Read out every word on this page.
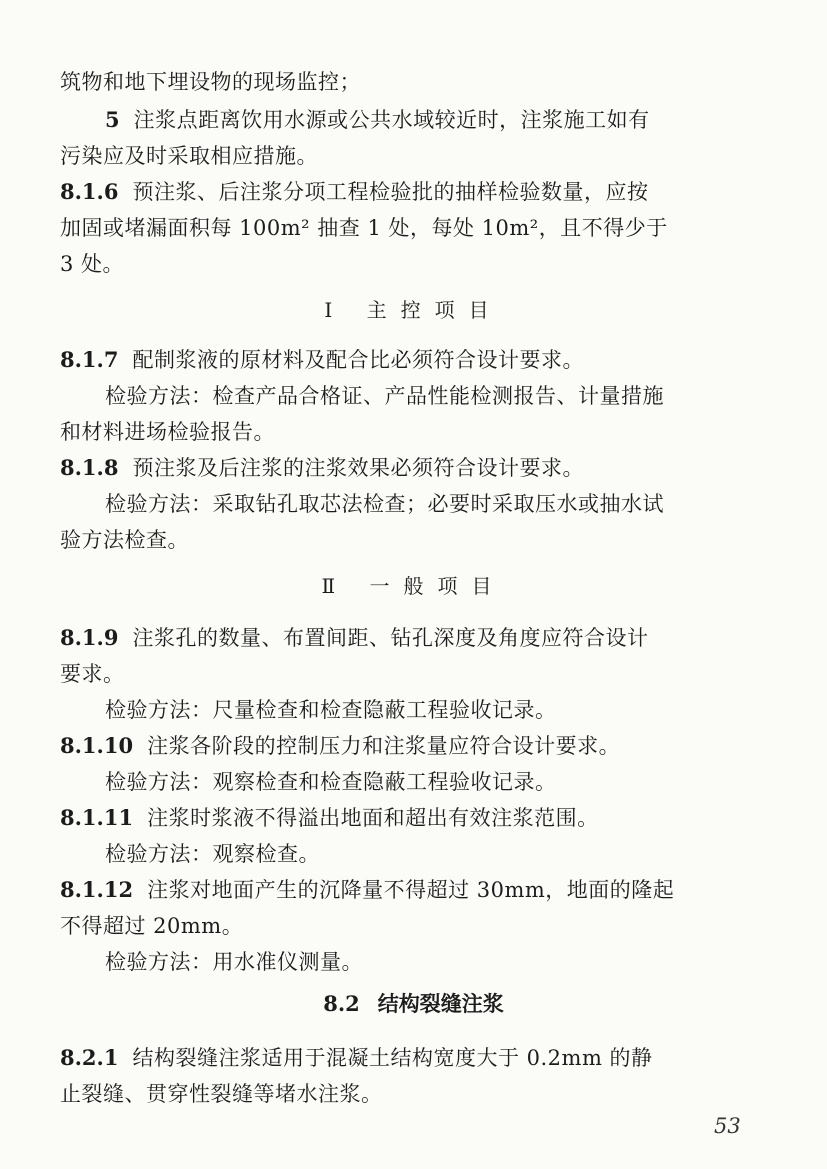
筑物和地下埋设物的现场监控；

5 注浆点距离饮用水源或公共水域较近时，注浆施工如有

污染应及时采取相应措施。

8.1.6 预注浆、后注浆分项工程检验批的抽样检验数量，应按

加固或堵漏面积每 100m² 抽查 1 处，每处 10m²，且不得少于

3 处。

Ⅰ 主控项目

8.1.7 配制浆液的原材料及配合比必须符合设计要求。

检验方法：检查产品合格证、产品性能检测报告、计量措施

和材料进场检验报告。

8.1.8 预注浆及后注浆的注浆效果必须符合设计要求。

检验方法：采取钻孔取芯法检查；必要时采取压水或抽水试

验方法检查。

Ⅱ 一般项目

8.1.9 注浆孔的数量、布置间距、钻孔深度及角度应符合设计

要求。

检验方法：尺量检查和检查隐蔽工程验收记录。

8.1.10 注浆各阶段的控制压力和注浆量应符合设计要求。

检验方法：观察检查和检查隐蔽工程验收记录。

8.1.11 注浆时浆液不得溢出地面和超出有效注浆范围。

检验方法：观察检查。

8.1.12 注浆对地面产生的沉降量不得超过 30mm，地面的隆起

不得超过 20mm。

检验方法：用水准仪测量。

8.2 结构裂缝注浆

8.2.1 结构裂缝注浆适用于混凝土结构宽度大于 0.2mm 的静

止裂缝、贯穿性裂缝等堵水注浆。

53
